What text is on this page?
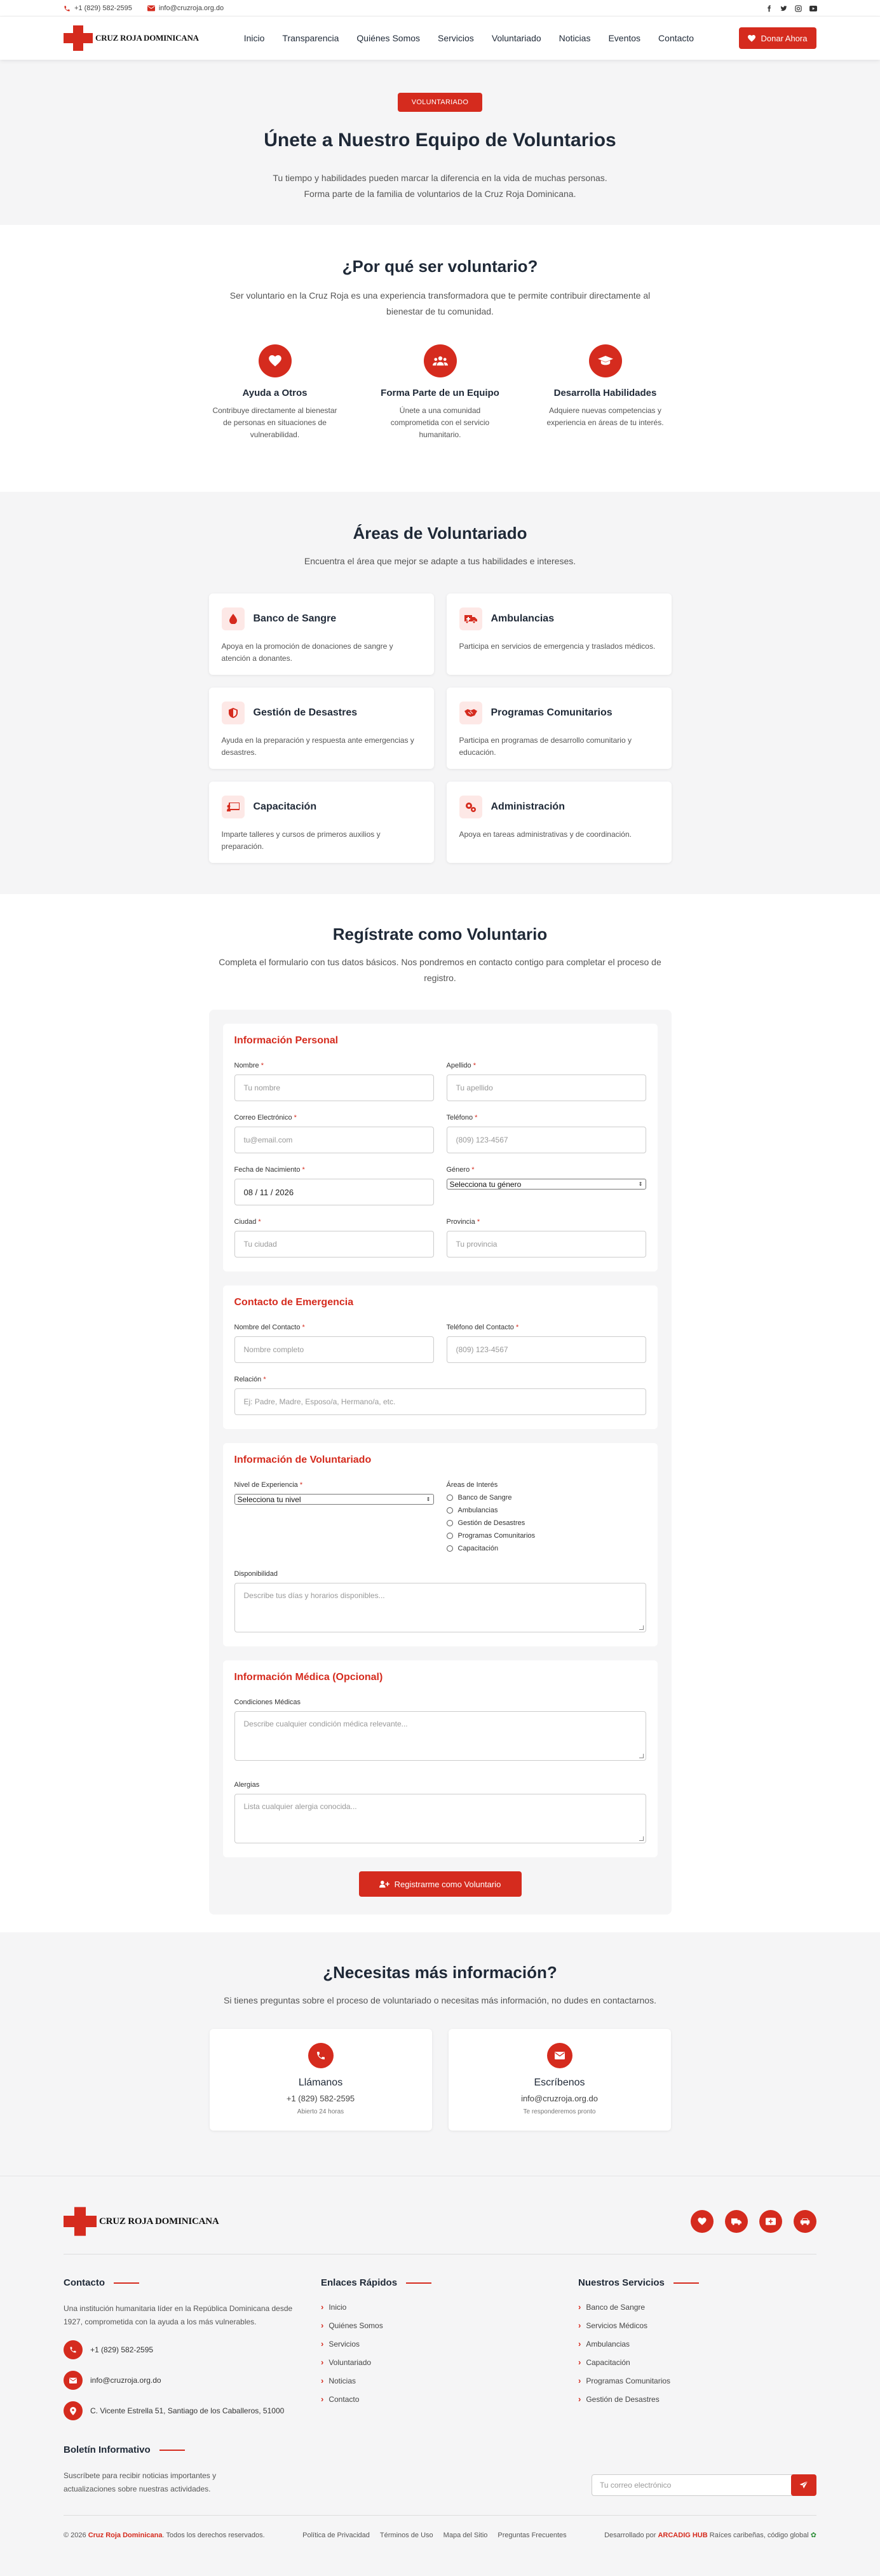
+1 (829) 582-2595	info@cruzroja.org.do
CRUZ ROJA DOMINICANA	Inicio Transparencia Quiénes Somos Servicios Voluntariado Noticias Eventos Contacto	Donar Ahora
VOLUNTARIADO
Únete a Nuestro Equipo de Voluntarios

Tu tiempo y habilidades pueden marcar la diferencia en la vida de muchas personas. Forma parte de la familia de voluntarios de la Cruz Roja Dominicana.

¿Por qué ser voluntario?

Ser voluntario en la Cruz Roja es una experiencia transformadora que te permite contribuir directamente al bienestar de tu comunidad.

Ayuda a Otros

Contribuye directamente al bienestar de personas en situaciones de vulnerabilidad.

Forma Parte de un Equipo

Únete a una comunidad comprometida con el servicio humanitario.

Desarrolla Habilidades

Adquiere nuevas competencias y experiencia en áreas de tu interés.

Áreas de Voluntariado

Encuentra el área que mejor se adapte a tus habilidades e intereses.

Banco de Sangre

Apoya en la promoción de donaciones de sangre y atención a donantes.

Ambulancias

Participa en servicios de emergencia y traslados médicos.

Gestión de Desastres

Ayuda en la preparación y respuesta ante emergencias y desastres.

Programas Comunitarios

Participa en programas de desarrollo comunitario y educación.

Capacitación

Imparte talleres y cursos de primeros auxilios y preparación.

Administración

Apoya en tareas administrativas y de coordinación.

Regístrate como Voluntario

Completa el formulario con tus datos básicos. Nos pondremos en contacto contigo para completar el proceso de registro.

Información Personal
Nombre *
Tu nombre
Apellido *
Tu apellido
Correo Electrónico *
tu@email.com
Teléfono *
(809) 123-4567
Fecha de Nacimiento *
08 / 11 / 2026
Género *
Selecciona tu género	⇕
Ciudad *
Tu ciudad
Provincia *
Tu provincia
Contacto de Emergencia
Nombre del Contacto *
Nombre completo
Teléfono del Contacto *
(809) 123-4567
Relación *
Ej: Padre, Madre, Esposo/a, Hermano/a, etc.
Información de Voluntariado
Nivel de Experiencia *
Selecciona tu nivel	⇕
Áreas de Interés
Banco de Sangre
Ambulancias
Gestión de Desastres
Programas Comunitarios
Capacitación
Disponibilidad
Describe tus días y horarios disponibles...
Información Médica (Opcional)
Condiciones Médicas
Describe cualquier condición médica relevante...
Alergias
Lista cualquier alergia conocida...
Registrarme como Voluntario
¿Necesitas más información?

Si tienes preguntas sobre el proceso de voluntariado o necesitas más información, no dudes en contactarnos.

Llámanos
+1 (829) 582-2595
Abierto 24 horas
Escríbenos
info@cruzroja.org.do
Te responderemos pronto
CRUZ ROJA DOMINICANA
Contacto

Una institución humanitaria líder en la República Dominicana desde 1927, comprometida con la ayuda a los más vulnerables.

+1 (829) 582-2595
info@cruzroja.org.do
C. Vicente Estrella 51, Santiago de los Caballeros, 51000
Enlaces Rápidos
› Inicio
› Quiénes Somos
› Servicios
› Voluntariado
› Noticias
› Contacto
Nuestros Servicios
› Banco de Sangre
› Servicios Médicos
› Ambulancias
› Capacitación
› Programas Comunitarios
› Gestión de Desastres
Boletín Informativo

Suscríbete para recibir noticias importantes y actualizaciones sobre nuestras actividades.	Tu correo electrónico
© 2026 Cruz Roja Dominicana. Todos los derechos reservados.	Política de Privacidad Términos de Uso Mapa del Sitio Preguntas Frecuentes	Desarrollado por ARCADIG HUB Raíces caribeñas, código global ✿
